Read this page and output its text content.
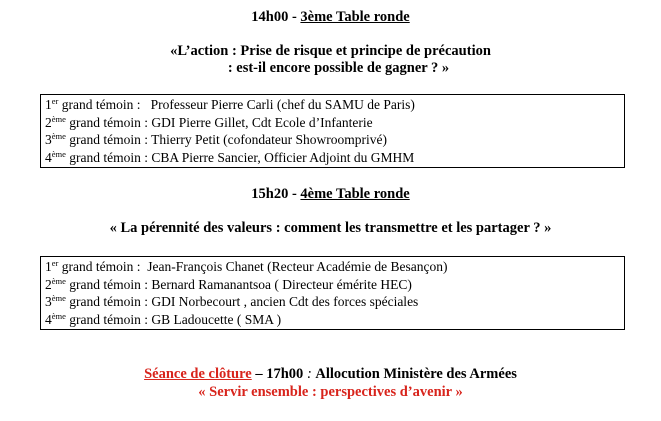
14h00 - 3ème Table ronde
«L’action : Prise de risque et principe de précaution
: est-il encore possible de gagner ? »
1er grand témoin :   Professeur Pierre Carli (chef du SAMU de Paris)
2ème grand témoin : GDI Pierre Gillet, Cdt Ecole d’Infanterie
3ème grand témoin : Thierry Petit (cofondateur Showroomprivé)
4ème grand témoin : CBA Pierre Sancier, Officier Adjoint du GMHM
15h20 - 4ème Table ronde
« La pérennité des valeurs : comment les transmettre et les partager ? »
1er grand témoin :  Jean-François Chanet (Recteur Académie de Besançon)
2ème grand témoin : Bernard Ramanantsoa ( Directeur émérite HEC)
3ème grand témoin : GDI Norbecourt , ancien Cdt des forces spéciales
4ème grand témoin : GB Ladoucette ( SMA )
Séance de clôture – 17h00 : Allocution Ministère des Armées
« Servir ensemble : perspectives d’avenir »
